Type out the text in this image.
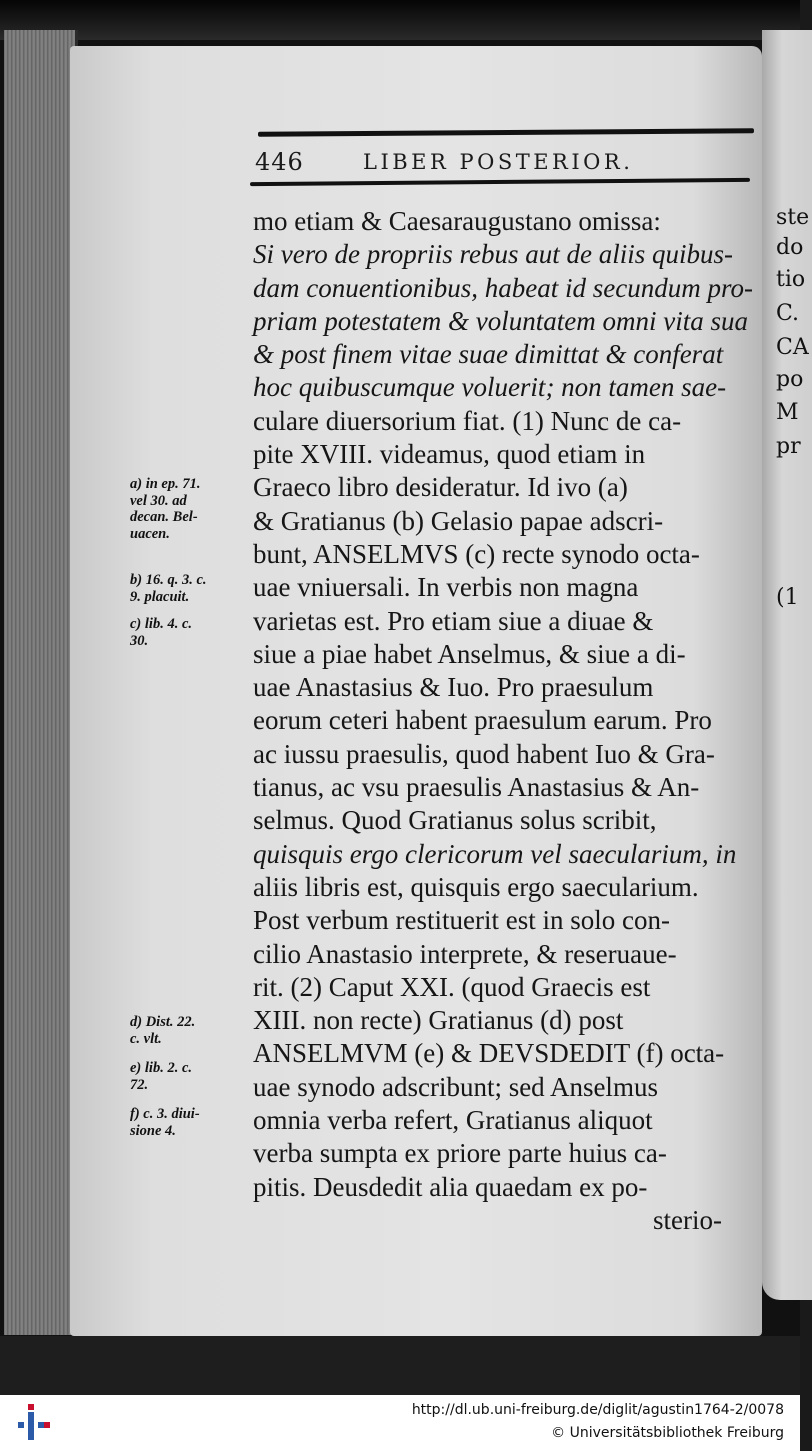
ste
do
tio
C.
CA
po
M
pr
(1
446	LIBER POSTERIOR.
mo etiam & Caesaraugustano omissa:
Si vero de propriis rebus aut de aliis quibus-
dam conuentionibus, habeat id secundum pro-
priam potestatem & voluntatem omni vita sua
& post finem vitae suae dimittat & conferat
hoc quibuscumque voluerit; non tamen sae-
culare diuersorium fiat. (1) Nunc de ca-
pite XVIII. videamus, quod etiam in
Graeco libro desideratur. Id ivo (a)
& Gratianus (b) Gelasio papae adscri-
bunt, ANSELMVS (c) recte synodo octa-
uae vniuersali. In verbis non magna
varietas est. Pro etiam siue a diuae &
siue a piae habet Anselmus, & siue a di-
uae Anastasius & Iuo. Pro praesulum
eorum ceteri habent praesulum earum. Pro
ac iussu praesulis, quod habent Iuo & Gra-
tianus, ac vsu praesulis Anastasius & An-
selmus. Quod Gratianus solus scribit,
quisquis ergo clericorum vel saecularium, in
aliis libris est, quisquis ergo saecularium.
Post verbum restituerit est in solo con-
cilio Anastasio interprete, & reseruaue-
rit. (2) Caput XXI. (quod Graecis est
XIII. non recte) Gratianus (d) post
ANSELMVM (e) & DEVSDEDIT (f) octa-
uae synodo adscribunt; sed Anselmus
omnia verba refert, Gratianus aliquot
verba sumpta ex priore parte huius ca-
pitis. Deusdedit alia quaedam ex po-
sterio-
a) in ep. 71.
vel 30. ad
decan. Bel-
uacen.
b) 16. q. 3. c.
9. placuit.
c) lib. 4. c.
30.
d) Dist. 22.
c. vlt.
e) lib. 2. c.
72.
f) c. 3. diui-
sione 4.
http://dl.ub.uni-freiburg.de/diglit/agustin1764-2/0078
© Universitätsbibliothek Freiburg
